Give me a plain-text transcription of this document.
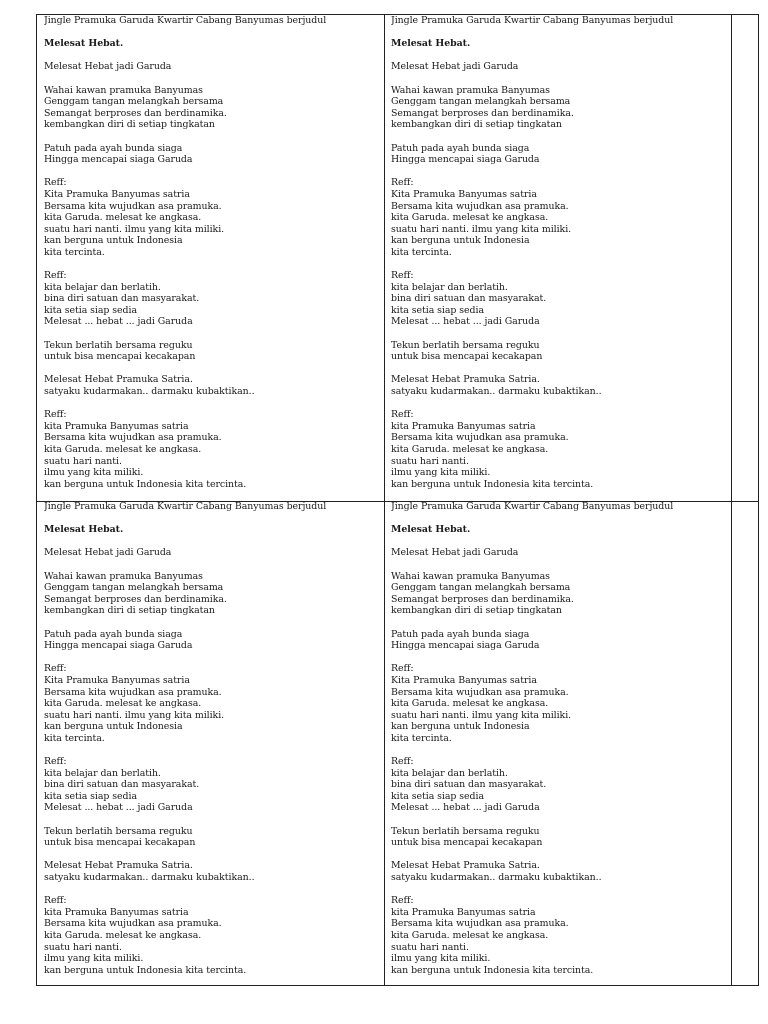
Jingle Pramuka Garuda Kwartir Cabang Banyumas berjudul
Melesat Hebat.
Melesat Hebat jadi Garuda
Wahai kawan pramuka Banyumas
Genggam tangan melangkah bersama
Semangat berproses dan berdinamika.
kembangkan diri di setiap tingkatan
Patuh pada ayah bunda siaga
Hingga mencapai siaga Garuda
Reff:
Kita Pramuka Banyumas satria
Bersama kita wujudkan asa pramuka.
kita Garuda. melesat ke angkasa.
suatu hari nanti. ilmu yang kita miliki.
kan berguna untuk Indonesia
kita tercinta.
Reff:
kita belajar dan berlatih.
bina diri satuan dan masyarakat.
kita setia siap sedia
Melesat ... hebat ... jadi Garuda
Tekun berlatih bersama reguku
untuk bisa mencapai kecakapan
Melesat Hebat Pramuka Satria.
satyaku kudarmakan.. darmaku kubaktikan..
Reff:
kita Pramuka Banyumas satria
Bersama kita wujudkan asa pramuka.
kita Garuda. melesat ke angkasa.
suatu hari nanti.
ilmu yang kita miliki.
kan berguna untuk Indonesia kita tercinta.
Jingle Pramuka Garuda Kwartir Cabang Banyumas berjudul
Melesat Hebat.
Melesat Hebat jadi Garuda
Wahai kawan pramuka Banyumas
Genggam tangan melangkah bersama
Semangat berproses dan berdinamika.
kembangkan diri di setiap tingkatan
Patuh pada ayah bunda siaga
Hingga mencapai siaga Garuda
Reff:
Kita Pramuka Banyumas satria
Bersama kita wujudkan asa pramuka.
kita Garuda. melesat ke angkasa.
suatu hari nanti. ilmu yang kita miliki.
kan berguna untuk Indonesia
kita tercinta.
Reff:
kita belajar dan berlatih.
bina diri satuan dan masyarakat.
kita setia siap sedia
Melesat ... hebat ... jadi Garuda
Tekun berlatih bersama reguku
untuk bisa mencapai kecakapan
Melesat Hebat Pramuka Satria.
satyaku kudarmakan.. darmaku kubaktikan..
Reff:
kita Pramuka Banyumas satria
Bersama kita wujudkan asa pramuka.
kita Garuda. melesat ke angkasa.
suatu hari nanti.
ilmu yang kita miliki.
kan berguna untuk Indonesia kita tercinta.
Jingle Pramuka Garuda Kwartir Cabang Banyumas berjudul
Melesat Hebat.
Melesat Hebat jadi Garuda
Wahai kawan pramuka Banyumas
Genggam tangan melangkah bersama
Semangat berproses dan berdinamika.
kembangkan diri di setiap tingkatan
Patuh pada ayah bunda siaga
Hingga mencapai siaga Garuda
Reff:
Kita Pramuka Banyumas satria
Bersama kita wujudkan asa pramuka.
kita Garuda. melesat ke angkasa.
suatu hari nanti. ilmu yang kita miliki.
kan berguna untuk Indonesia
kita tercinta.
Reff:
kita belajar dan berlatih.
bina diri satuan dan masyarakat.
kita setia siap sedia
Melesat ... hebat ... jadi Garuda
Tekun berlatih bersama reguku
untuk bisa mencapai kecakapan
Melesat Hebat Pramuka Satria.
satyaku kudarmakan.. darmaku kubaktikan..
Reff:
kita Pramuka Banyumas satria
Bersama kita wujudkan asa pramuka.
kita Garuda. melesat ke angkasa.
suatu hari nanti.
ilmu yang kita miliki.
kan berguna untuk Indonesia kita tercinta.
Jingle Pramuka Garuda Kwartir Cabang Banyumas berjudul
Melesat Hebat.
Melesat Hebat jadi Garuda
Wahai kawan pramuka Banyumas
Genggam tangan melangkah bersama
Semangat berproses dan berdinamika.
kembangkan diri di setiap tingkatan
Patuh pada ayah bunda siaga
Hingga mencapai siaga Garuda
Reff:
Kita Pramuka Banyumas satria
Bersama kita wujudkan asa pramuka.
kita Garuda. melesat ke angkasa.
suatu hari nanti. ilmu yang kita miliki.
kan berguna untuk Indonesia
kita tercinta.
Reff:
kita belajar dan berlatih.
bina diri satuan dan masyarakat.
kita setia siap sedia
Melesat ... hebat ... jadi Garuda
Tekun berlatih bersama reguku
untuk bisa mencapai kecakapan
Melesat Hebat Pramuka Satria.
satyaku kudarmakan.. darmaku kubaktikan..
Reff:
kita Pramuka Banyumas satria
Bersama kita wujudkan asa pramuka.
kita Garuda. melesat ke angkasa.
suatu hari nanti.
ilmu yang kita miliki.
kan berguna untuk Indonesia kita tercinta.
